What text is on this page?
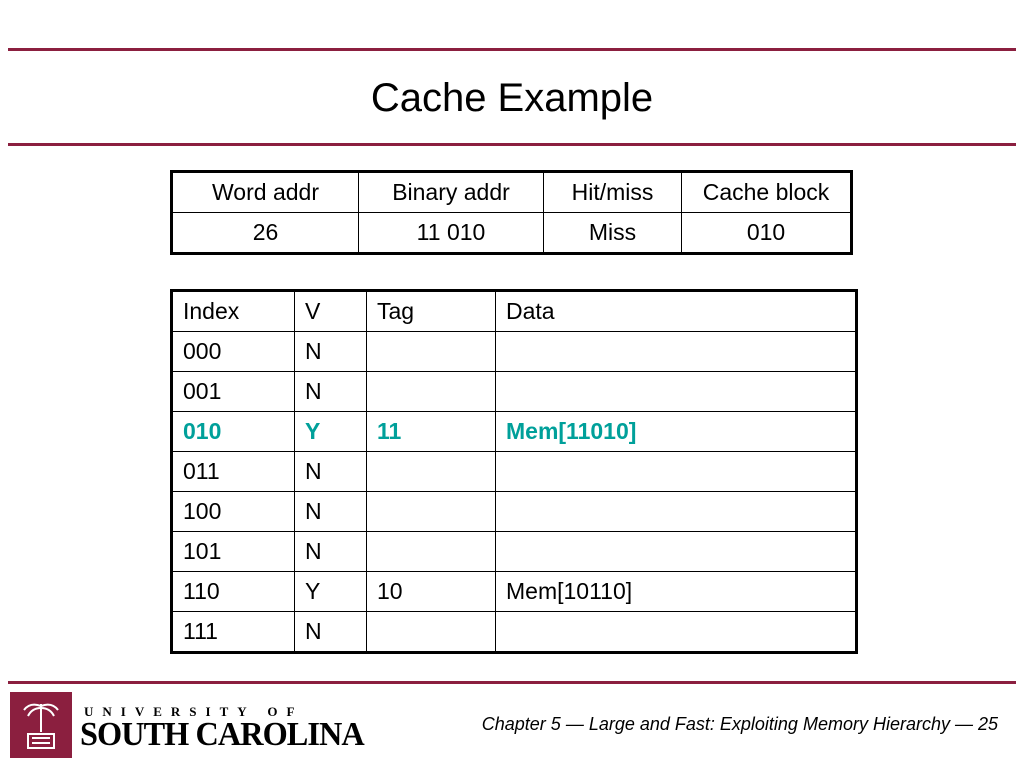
Cache Example
Word addr	Binary addr	Hit/miss	Cache block
26	11 010	Miss	010
Index	V	Tag	Data
000	N		
001	N		
010	Y	11	Mem[11010]
011	N		
100	N		
101	N		
110	Y	10	Mem[10110]
111	N		
UNIVERSITY OF
SOUTH CAROLINA	Chapter 5 — Large and Fast: Exploiting Memory Hierarchy — 25
